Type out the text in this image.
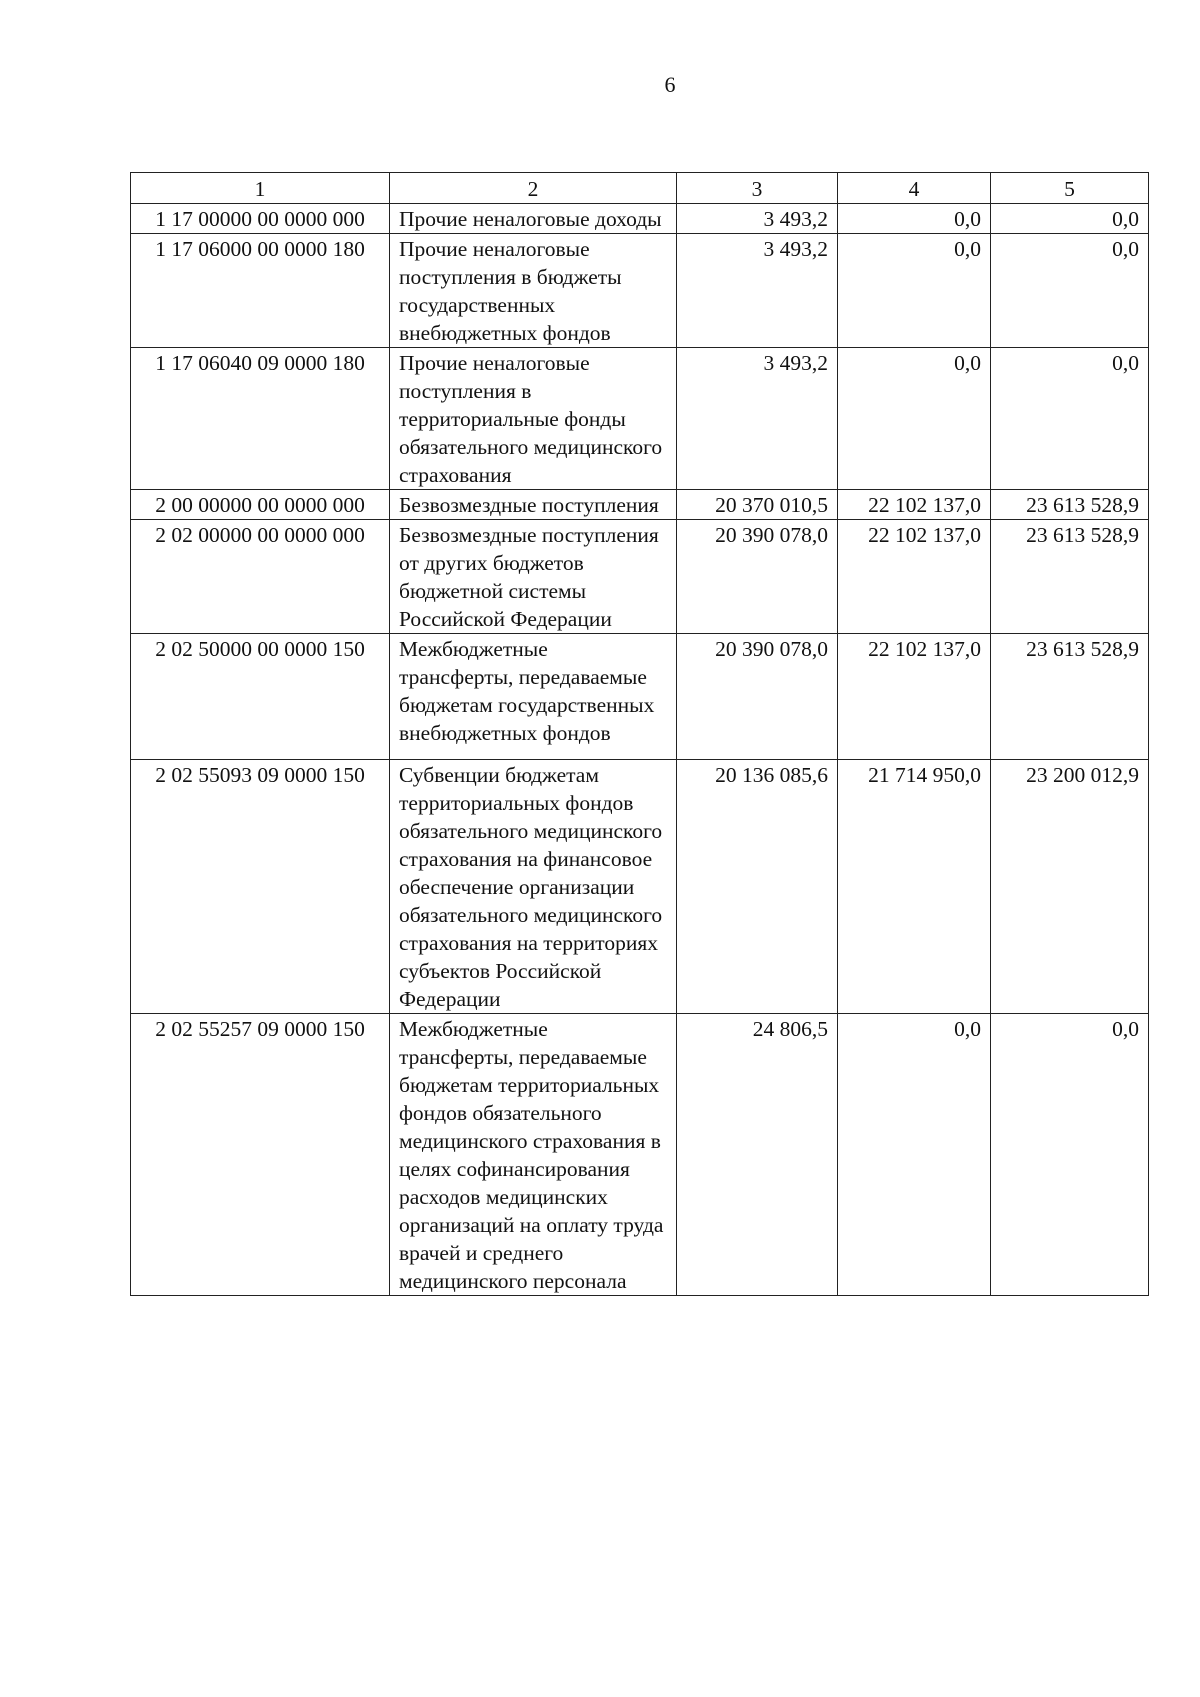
6
1	2	3	4	5
1 17 00000 00 0000 000	Прочие неналоговые доходы	3 493,2	0,0	0,0
1 17 06000 00 0000 180	Прочие неналоговые поступления в бюджеты государственных внебюджетных фондов	3 493,2	0,0	0,0
1 17 06040 09 0000 180	Прочие неналоговые поступления в территориальные фонды обязательного медицинского страхования	3 493,2	0,0	0,0
2 00 00000 00 0000 000	Безвозмездные поступления	20 370 010,5	22 102 137,0	23 613 528,9
2 02 00000 00 0000 000	Безвозмездные поступления от других бюджетов бюджетной системы Российской Федерации	20 390 078,0	22 102 137,0	23 613 528,9
2 02 50000 00 0000 150	Межбюджетные трансферты, передаваемые бюджетам государственных внебюджетных фондов	20 390 078,0	22 102 137,0	23 613 528,9
2 02 55093 09 0000 150	Субвенции бюджетам территориальных фондов обязательного медицинского страхования на финансовое обеспечение организации обязательного медицинского страхования на территориях субъектов Российской Федерации	20 136 085,6	21 714 950,0	23 200 012,9
2 02 55257 09 0000 150	Межбюджетные трансферты, передаваемые бюджетам территориальных фондов обязательного медицинского страхования в целях софинансирования расходов медицинских организаций на оплату труда врачей и среднего медицинского персонала	24 806,5	0,0	0,0
